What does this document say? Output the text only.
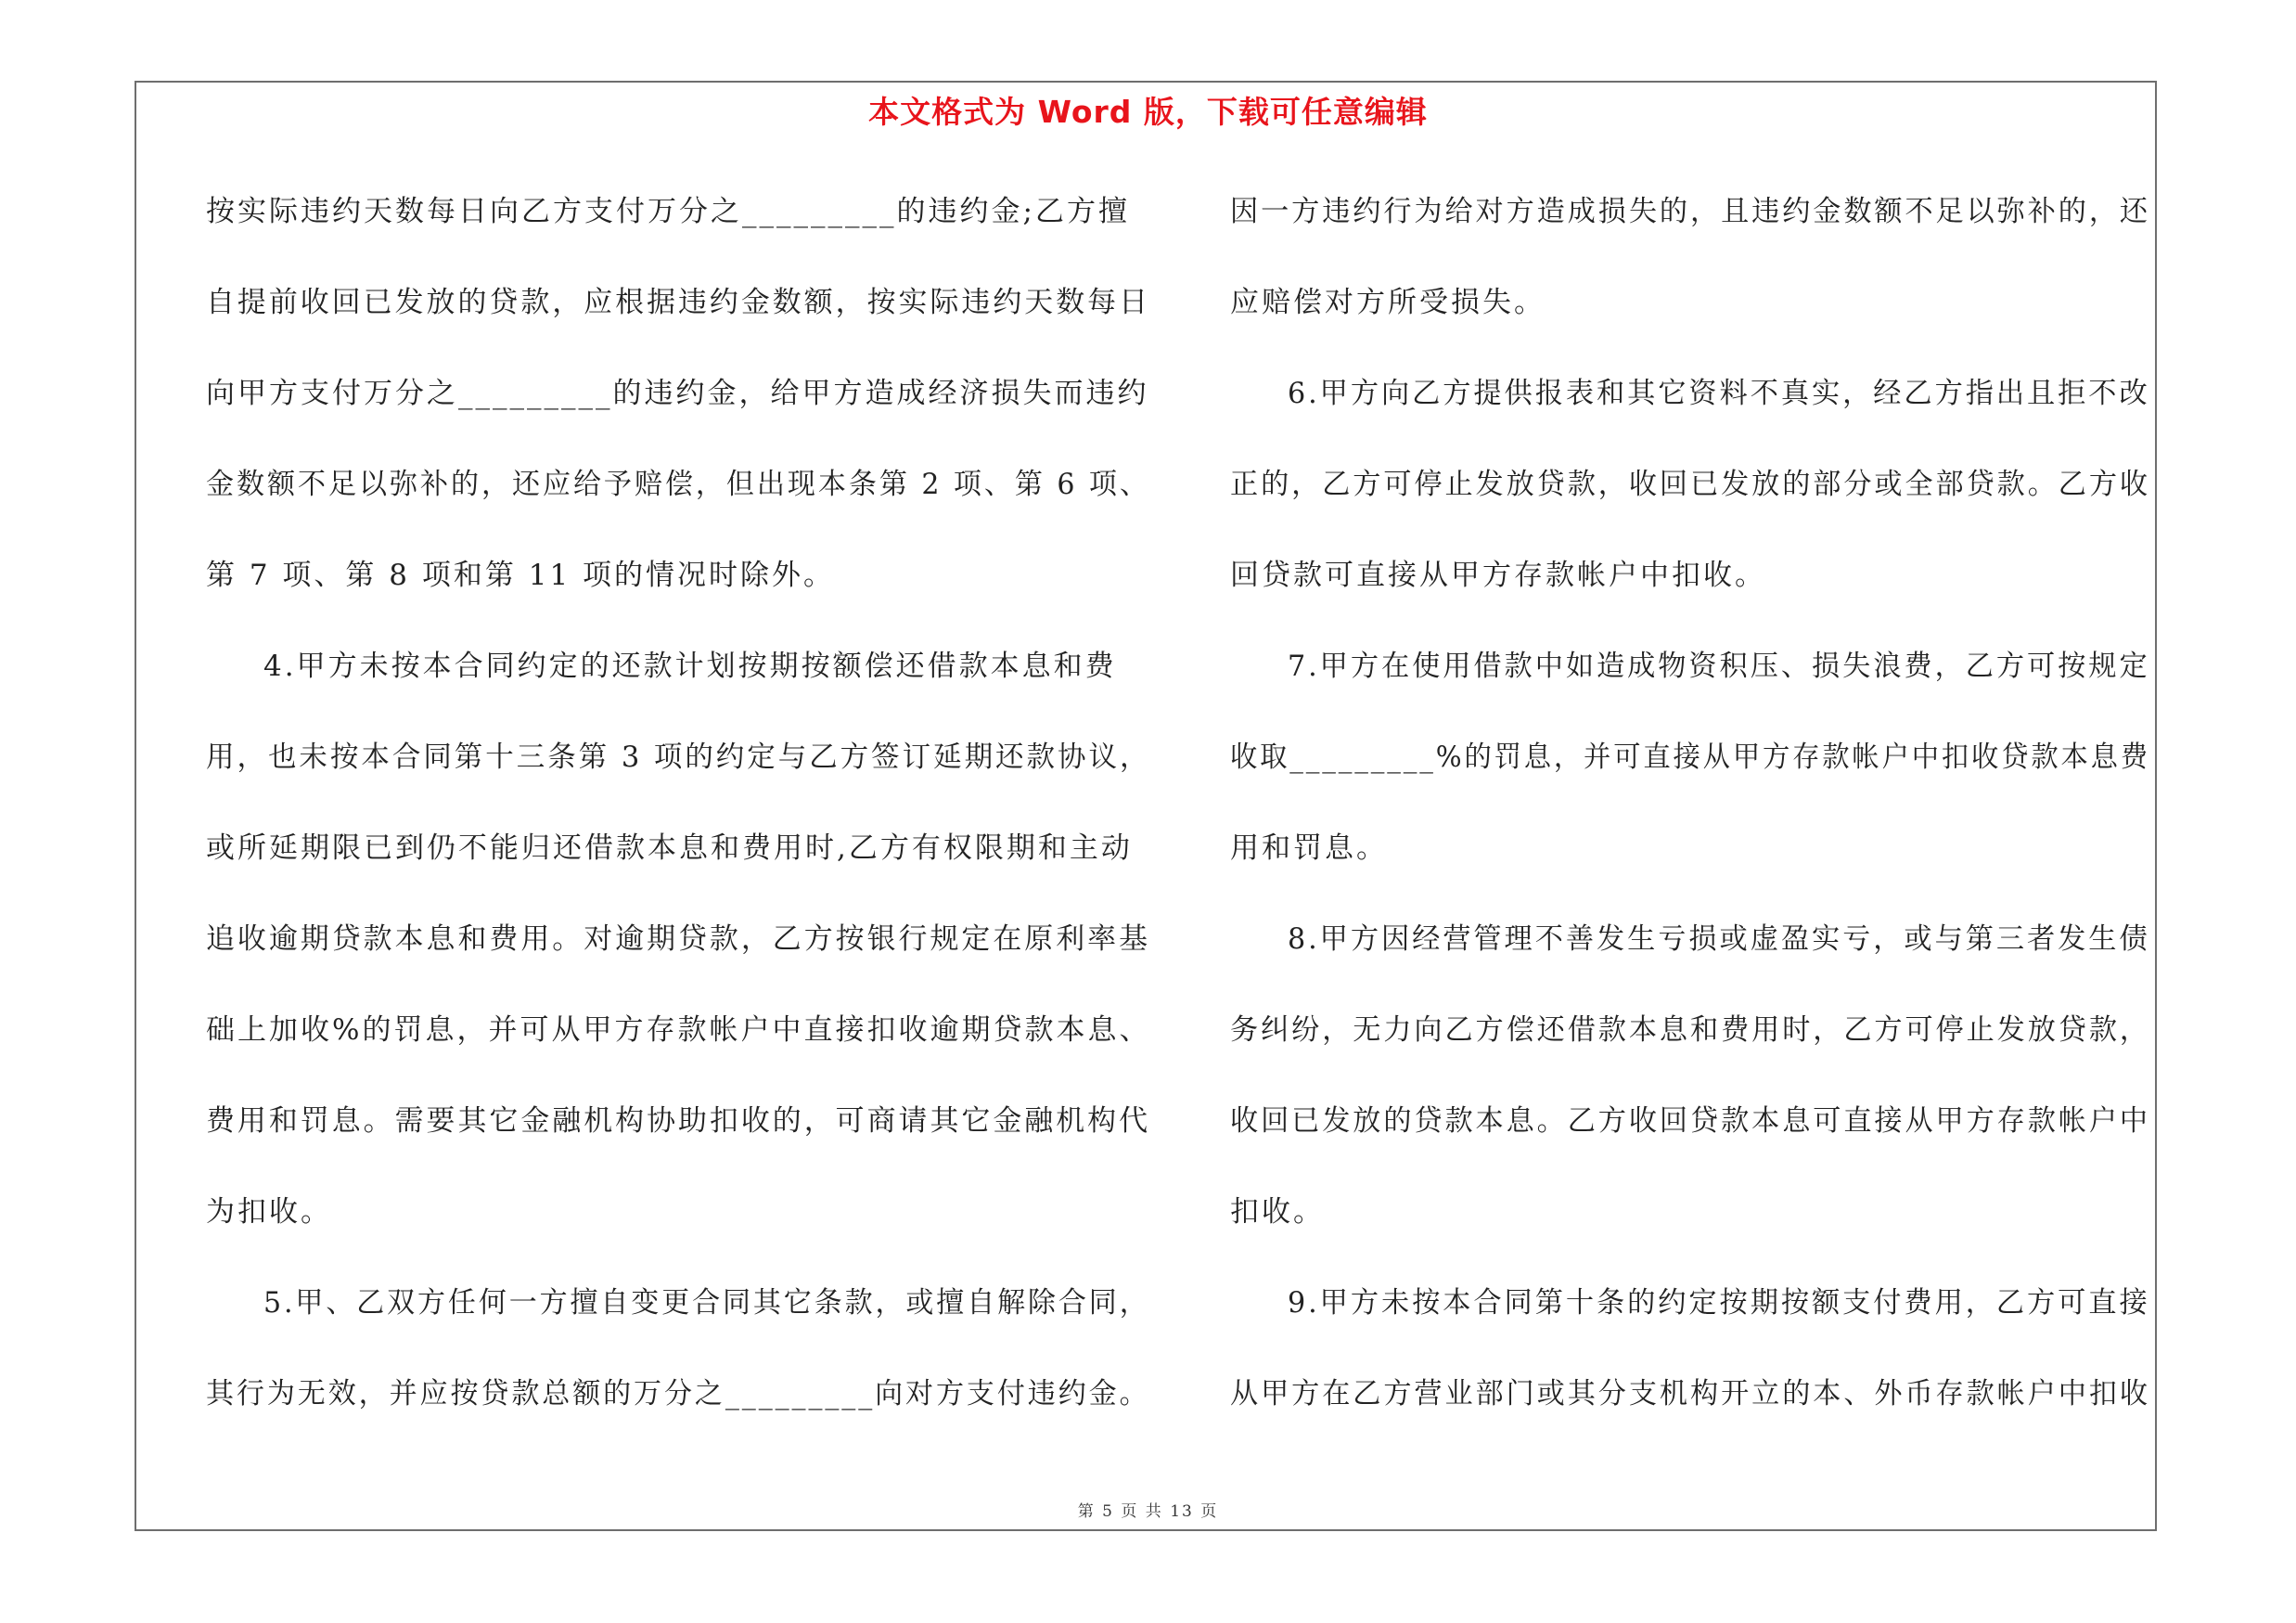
本文格式为 Word 版，下载可任意编辑
按实际违约天数每日向乙方支付万分之_________的违约金;乙方擅
自提前收回已发放的贷款，应根据违约金数额，按实际违约天数每日
向甲方支付万分之_________的违约金，给甲方造成经济损失而违约
金数额不足以弥补的，还应给予赔偿，但出现本条第 2 项、第 6 项、
第 7 项、第 8 项和第 11 项的情况时除外。
4.甲方未按本合同约定的还款计划按期按额偿还借款本息和费
用，也未按本合同第十三条第 3 项的约定与乙方签订延期还款协议，
或所延期限已到仍不能归还借款本息和费用时,乙方有权限期和主动
追收逾期贷款本息和费用。对逾期贷款，乙方按银行规定在原利率基
础上加收%的罚息，并可从甲方存款帐户中直接扣收逾期贷款本息、
费用和罚息。需要其它金融机构协助扣收的，可商请其它金融机构代
为扣收。
5.甲、乙双方任何一方擅自变更合同其它条款，或擅自解除合同，
其行为无效，并应按贷款总额的万分之_________向对方支付违约金。
因一方违约行为给对方造成损失的，且违约金数额不足以弥补的，还
应赔偿对方所受损失。
6.甲方向乙方提供报表和其它资料不真实，经乙方指出且拒不改
正的，乙方可停止发放贷款，收回已发放的部分或全部贷款。乙方收
回贷款可直接从甲方存款帐户中扣收。
7.甲方在使用借款中如造成物资积压、损失浪费，乙方可按规定
收取_________%的罚息，并可直接从甲方存款帐户中扣收贷款本息费
用和罚息。
8.甲方因经营管理不善发生亏损或虚盈实亏，或与第三者发生债
务纠纷，无力向乙方偿还借款本息和费用时，乙方可停止发放贷款，
收回已发放的贷款本息。乙方收回贷款本息可直接从甲方存款帐户中
扣收。
9.甲方未按本合同第十条的约定按期按额支付费用，乙方可直接
从甲方在乙方营业部门或其分支机构开立的本、外币存款帐户中扣收
第 5 页 共 13 页
